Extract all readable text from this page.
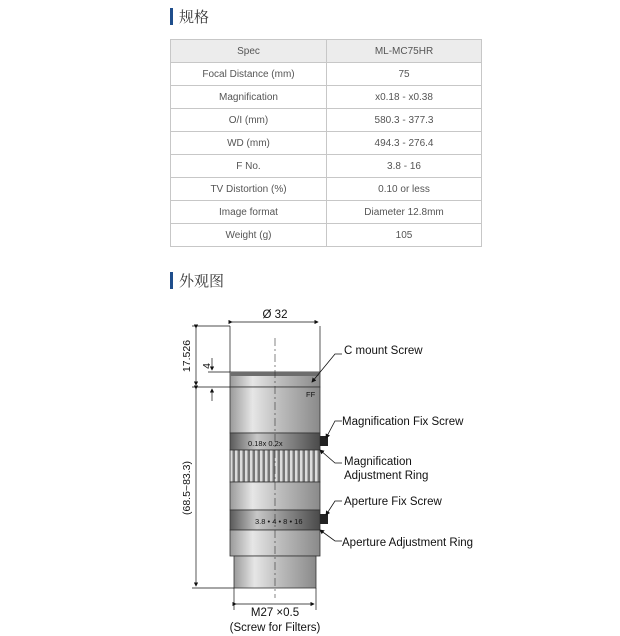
规格
Spec	ML-MC75HR
Focal Distance (mm)	75
Magnification	x0.18 - x0.38
O/I (mm)	580.3 - 377.3
WD (mm)	494.3 - 276.4
F No.	3.8 - 16
TV Distortion (%)	0.10 or less
Image format	Diameter 12.8mm
Weight (g)	105
外观图
0.18x 0.2x
3.8 • 4 • 8 • 16
FF
Ø 32
17.526 4
(68.5~83.3)
M27 ×0.5
(Screw for Filters)
C mount Screw
Magnification Fix Screw
Magnification
Adjustment Ring
Aperture Fix Screw
Aperture Adjustment Ring
